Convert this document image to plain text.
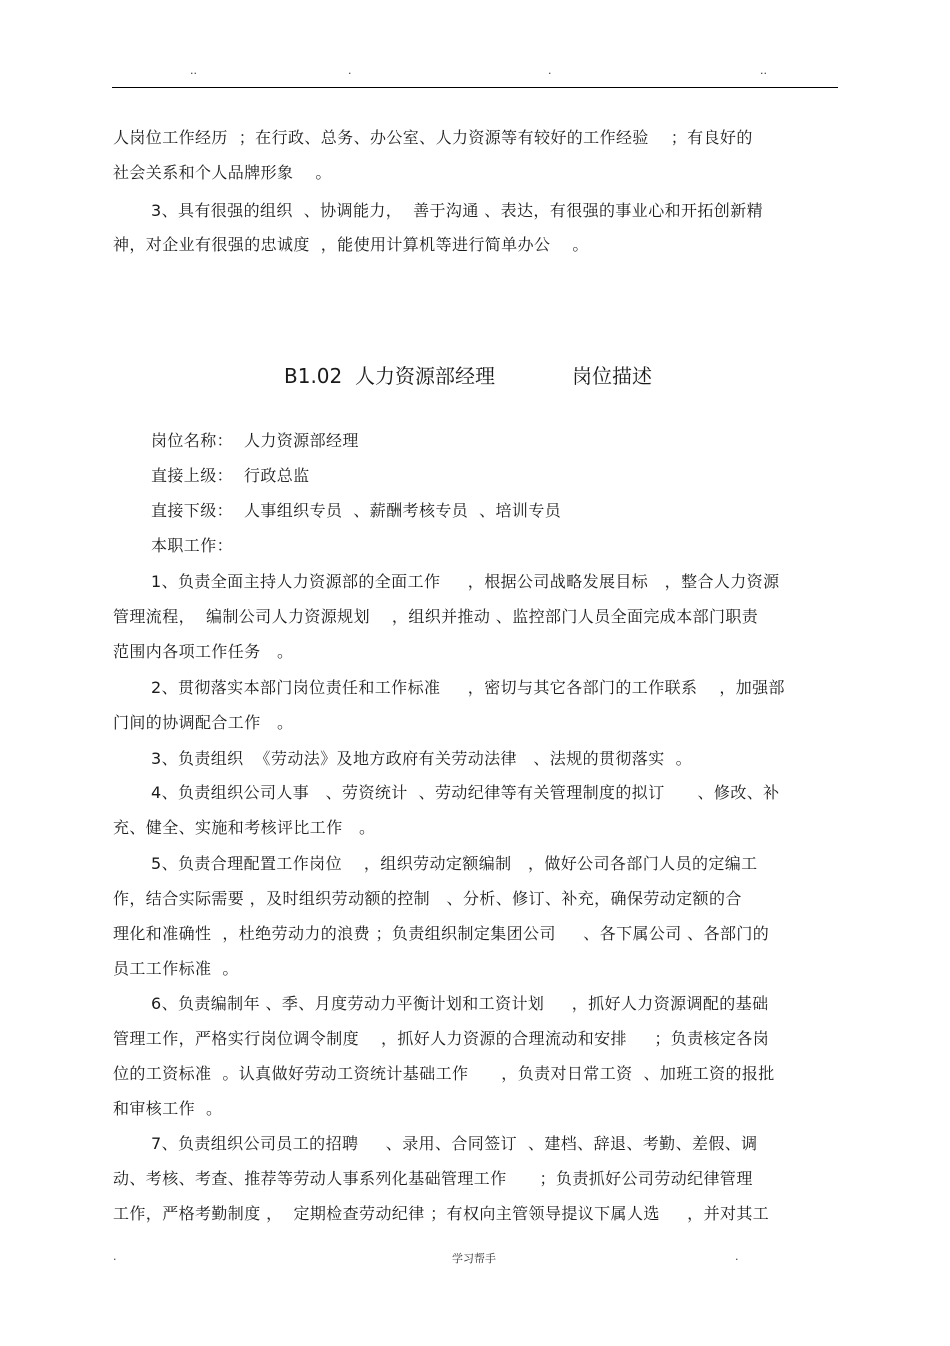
..	.	.	..

人岗位工作经历  ；在行政、总务、办公室、人力资源等有较好的工作经验    ；有良好的

社会关系和个人品牌形象    。

3、具有很强的组织  、协调能力，  善于沟通 、表达，有很强的事业心和开拓创新精

神，对企业有很强的忠诚度  ，能使用计算机等进行简单办公    。

B1.02  人力资源部经理	岗位描述

岗位名称：  人力资源部经理

直接上级：  行政总监

直接下级：  人事组织专员  、薪酬考核专员  、培训专员

本职工作：

1、负责全面主持人力资源部的全面工作     ，根据公司战略发展目标   ，整合人力资源

管理流程，  编制公司人力资源规划    ，组织并推动 、监控部门人员全面完成本部门职责

范围内各项工作任务   。

2、贯彻落实本部门岗位责任和工作标准     ，密切与其它各部门的工作联系    ，加强部

门间的协调配合工作   。

3、负责组织  《劳动法》及地方政府有关劳动法律   、法规的贯彻落实  。

4、负责组织公司人事   、劳资统计  、劳动纪律等有关管理制度的拟订      、修改、补

充、健全、实施和考核评比工作   。

5、负责合理配置工作岗位    ，组织劳动定额编制   ，做好公司各部门人员的定编工

作，结合实际需要 ，及时组织劳动额的控制   、分析、修订、补充，确保劳动定额的合

理化和准确性  ，杜绝劳动力的浪费 ；负责组织制定集团公司     、各下属公司 、各部门的

员工工作标准  。

6、负责编制年 、季、月度劳动力平衡计划和工资计划     ，抓好人力资源调配的基础

管理工作，严格实行岗位调令制度    ，抓好人力资源的合理流动和安排     ；负责核定各岗

位的工资标准  。认真做好劳动工资统计基础工作      ，负责对日常工资  、加班工资的报批

和审核工作  。

7、负责组织公司员工的招聘     、录用、合同签订  、建档、辞退、考勤、差假、调

动、考核、考查、推荐等劳动人事系列化基础管理工作      ；负责抓好公司劳动纪律管理

工作，严格考勤制度 ，  定期检查劳动纪律 ；有权向主管领导提议下属人选     ，并对其工

.	学习帮手	.
